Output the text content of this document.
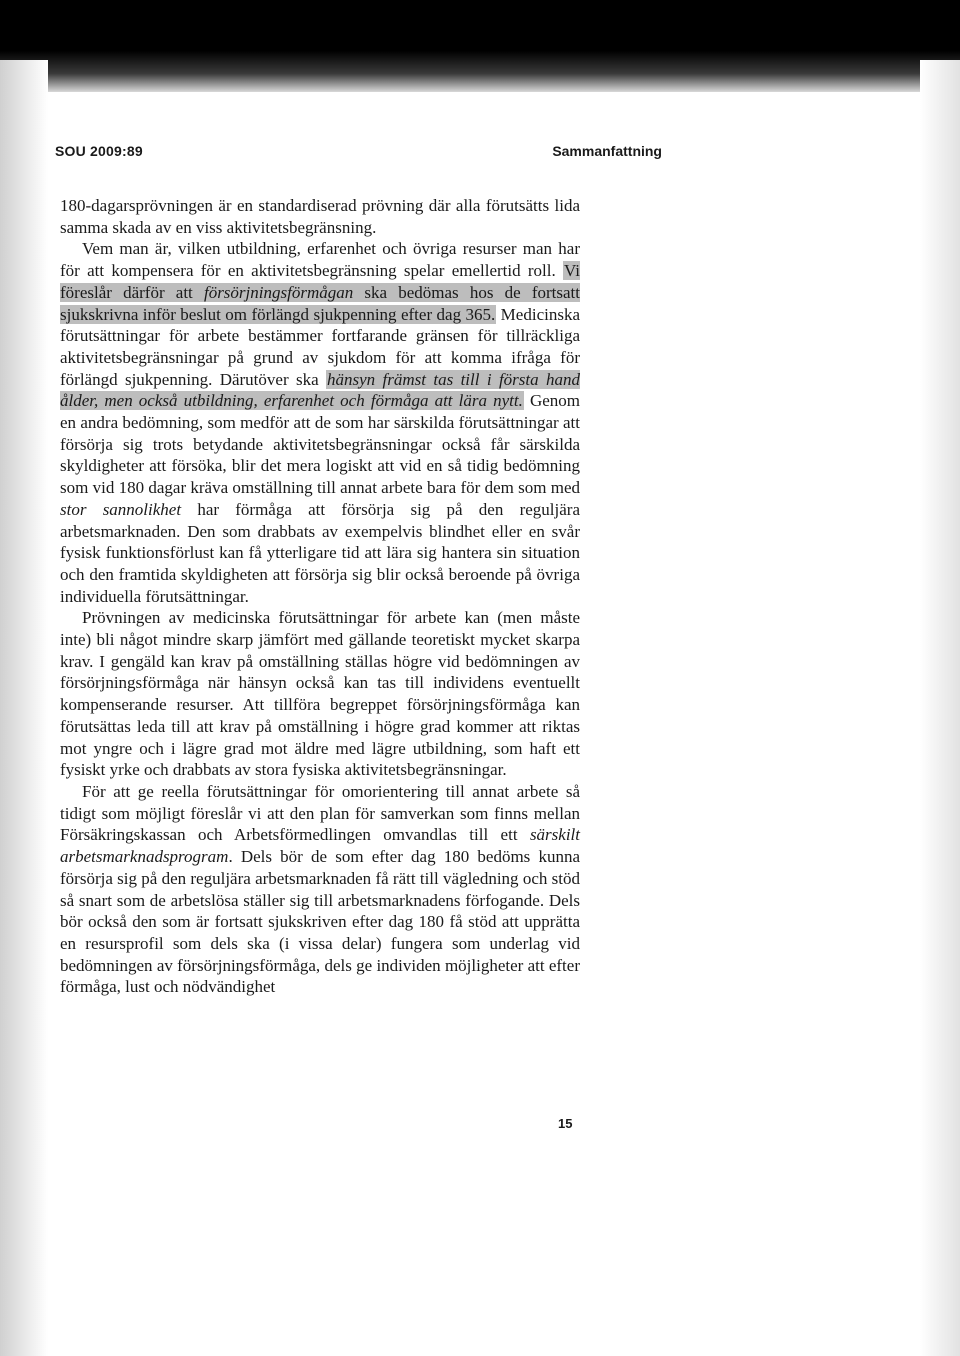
SOU 2009:89	Sammanfattning

180-dagarsprövningen är en standardiserad prövning där alla förutsätts lida samma skada av en viss aktivitetsbegränsning.

Vem man är, vilken utbildning, erfarenhet och övriga resurser man har för att kompensera för en aktivitetsbegränsning spelar emellertid roll. Vi föreslår därför att försörjningsförmågan ska bedömas hos de fortsatt sjukskrivna inför beslut om förlängd sjukpenning efter dag 365. Medicinska förutsättningar för arbete bestämmer fortfarande gränsen för tillräckliga aktivitetsbegränsningar på grund av sjukdom för att komma ifråga för förlängd sjukpenning. Därutöver ska hänsyn främst tas till i första hand ålder, men också utbildning, erfarenhet och förmåga att lära nytt. Genom en andra bedömning, som medför att de som har särskilda förutsättningar att försörja sig trots betydande aktivitetsbegränsningar också får särskilda skyldigheter att försöka, blir det mera logiskt att vid en så tidig bedömning som vid 180 dagar kräva omställning till annat arbete bara för dem som med stor sannolikhet har förmåga att försörja sig på den reguljära arbetsmarknaden. Den som drabbats av exempelvis blindhet eller en svår fysisk funktionsförlust kan få ytterligare tid att lära sig hantera sin situation och den framtida skyldigheten att försörja sig blir också beroende på övriga individuella förutsättningar.

Prövningen av medicinska förutsättningar för arbete kan (men måste inte) bli något mindre skarp jämfört med gällande teoretiskt mycket skarpa krav. I gengäld kan krav på omställning ställas högre vid bedömningen av försörjningsförmåga när hänsyn också kan tas till individens eventuellt kompenserande resurser. Att tillföra begreppet försörjningsförmåga kan förutsättas leda till att krav på omställning i högre grad kommer att riktas mot yngre och i lägre grad mot äldre med lägre utbildning, som haft ett fysiskt yrke och drabbats av stora fysiska aktivitetsbegränsningar.

För att ge reella förutsättningar för omorientering till annat arbete så tidigt som möjligt föreslår vi att den plan för samverkan som finns mellan Försäkringskassan och Arbetsförmedlingen omvandlas till ett särskilt arbetsmarknadsprogram. Dels bör de som efter dag 180 bedöms kunna försörja sig på den reguljära arbetsmarknaden få rätt till vägledning och stöd så snart som de arbetslösa ställer sig till arbetsmarknadens förfogande. Dels bör också den som är fortsatt sjukskriven efter dag 180 få stöd att upprätta en resursprofil som dels ska (i vissa delar) fungera som underlag vid bedömningen av försörjningsförmåga, dels ge individen möjligheter att efter förmåga, lust och nödvändighet

15
